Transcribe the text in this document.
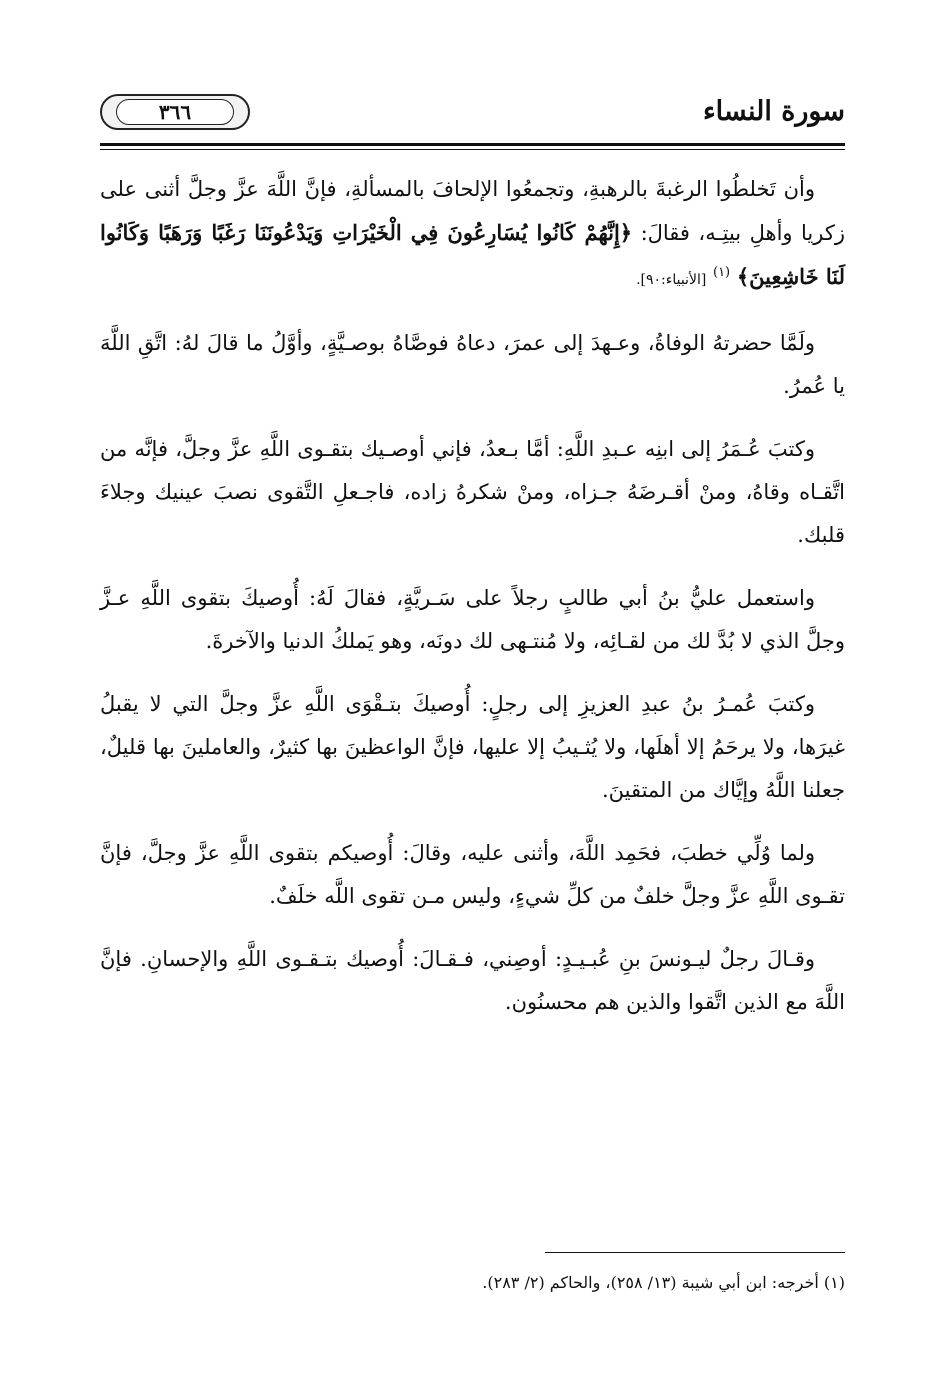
سورة النساء
٣٦٦

وأن تَخلطُوا الرغبةَ بالرهبةِ، وتجمعُوا الإلحافَ بالمسألةِ، فإنَّ اللَّهَ عزَّ وجلَّ أثنى على زكريا وأهلِ بيتِـه، فقالَ: ﴿إِنَّهُمْ كَانُوا يُسَارِعُونَ فِي الْخَيْرَاتِ وَيَدْعُونَنَا رَغَبًا وَرَهَبًا وَكَانُوا لَنَا خَاشِعِينَ﴾ $^{(١)}$ [الأنبياء:٩٠].

ولَمَّا حضرتهُ الوفاةُ، وعـهدَ إلى عمرَ، دعاهُ فوصَّاهُ بوصـيَّةٍ، وأوَّلُ ما قالَ لهُ: اتَّقِ اللَّهَ يا عُمرُ.

وكتبَ عُـمَرُ إلى ابنِه عـبدِ اللَّهِ: أمَّا بـعدُ، فإني أوصـيك بتقـوى اللَّهِ عزَّ وجلَّ، فإنَّه من اتَّقـاه وقاهُ، ومنْ أقـرضَهُ جـزاه، ومنْ شكرهُ زاده، فاجـعلِ التَّقوى نصبَ عينيك وجلاءَ قلبك.

واستعمل عليُّ بنُ أبي طالبٍ رجلاً على سَـريَّةٍ، فقالَ لَهُ: أُوصيكَ بتقوى اللَّهِ عـزَّ وجلَّ الذي لا بُدَّ لك من لقـائِه، ولا مُنتـهى لك دونَه، وهو يَملكُ الدنيا والآخرةَ.

وكتبَ عُمـرُ بنُ عبدِ العزيزِ إلى رجلٍ: أُوصيكَ بتـقْوَى اللَّهِ عزَّ وجلَّ التي لا يقبلُ غيرَها، ولا يرحَمُ إلا أهلَها، ولا يُثـيبُ إلا عليها، فإنَّ الواعظينَ بها كثيرٌ، والعاملينَ بها قليلٌ، جعلنا اللَّهُ وإيَّاك من المتقينَ.

ولما وُلِّي خطبَ، فحَمِد اللَّهَ، وأثنى عليه، وقالَ: أُوصيكم بتقوى اللَّهِ عزَّ وجلَّ، فإنَّ تقـوى اللَّهِ عزَّ وجلَّ خلفٌ من كلِّ شيءٍ، وليس مـن تقوى اللَّه خلَفٌ.

وقـالَ رجلٌ ليـونسَ بنِ عُبـيـدٍ: أوصِني، فـقـالَ: أُوصيك بتـقـوى اللَّهِ والإحسانِ. فإنَّ اللَّهَ مع الذين اتَّقوا والذين هم محسنُون.

(١) أخرجه: ابن أبي شيبة (١٣/ ٢٥٨)، والحاكم (٢/ ٢٨٣).
